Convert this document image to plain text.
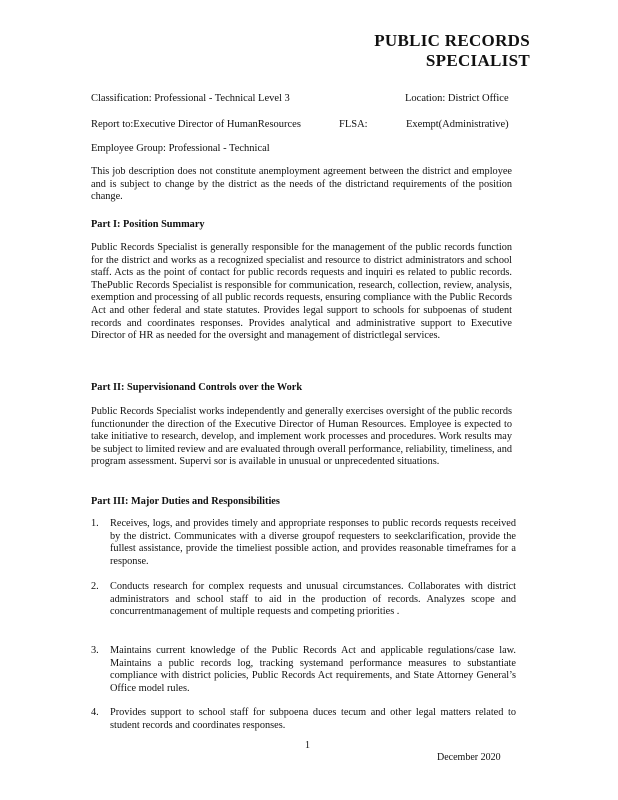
PUBLIC RECORDS
SPECIALIST
Classification: Professional - Technical Level 3	Location: District Office
Report to:Executive Director of HumanResources	FLSA:	Exempt(Administrative)
Employee Group: Professional - Technical

This job description does not constitute anemployment agreement between the district and employee and is subject to change by the district as the needs of the districtand requirements of the position change.

Part I: Position Summary

Public Records Specialist is generally responsible for the management of the public records function for the district and works as a recognized specialist and resource to district administrators and school staff. Acts as the point of contact for public records requests and inquiri es related to public records. ThePublic Records Specialist is responsible for communication, research, collection, review, analysis, exemption and processing of all public records requests, ensuring compliance with the Public Records Act and other federal and state statutes. Provides legal support to schools for subpoenas of student records and coordinates responses. Provides analytical and administrative support to Executive Director of HR as needed for the oversight and management of districtlegal services.

Part II: Supervisionand Controls over the Work

Public Records Specialist works independently and generally exercises oversight of the public records functionunder the direction of the Executive Director of Human Resources. Employee is expected to take initiative to research, develop, and implement work processes and procedures. Work results may be subject to limited review and are evaluated through overall performance, reliability, timeliness, and program assessment. Supervi sor is available in unusual or unprecedented situations.

Part III: Major Duties and Responsibilities
1. Receives, logs, and provides timely and appropriate responses to public records requests received by the district. Communicates with a diverse groupof requesters to seekclarification, provide the fullest assistance, provide the timeliest possible action, and provides reasonable timeframes for a response.
2. Conducts research for complex requests and unusual circumstances. Collaborates with district administrators and school staff to aid in the production of records. Analyzes scope and concurrentmanagement of multiple requests and competing priorities .
3. Maintains current knowledge of the Public Records Act and applicable regulations/case law. Maintains a public records log, tracking systemand performance measures to substantiate compliance with district policies, Public Records Act requirements, and State Attorney General’s Office model rules.
4. Provides support to school staff for subpoena duces tecum and other legal matters related to student records and coordinates responses.
1
December 2020
